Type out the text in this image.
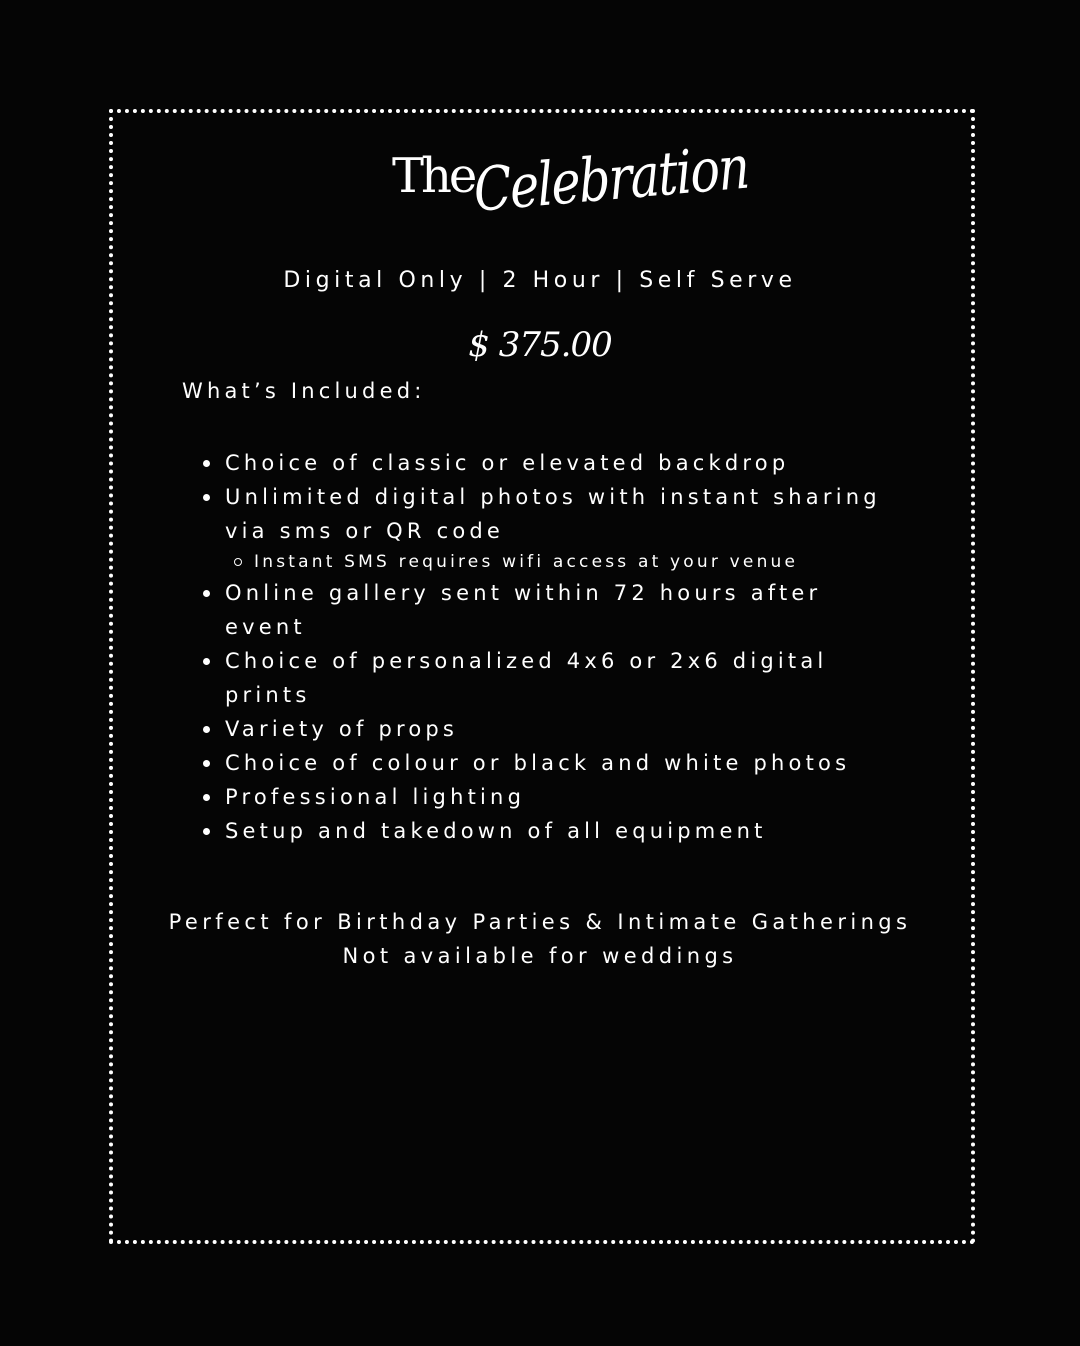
The
Celebration
Digital Only | 2 Hour | Self Serve
$ 375.00
What’s Included:
Choice of classic or elevated backdrop
Unlimited digital photos with instant sharing via sms or QR code
Instant SMS requires wifi access at your venue
Online gallery sent within 72 hours after event
Choice of personalized 4x6 or 2x6 digital prints
Variety of props
Choice of colour or black and white photos
Professional lighting
Setup and takedown of all equipment
Perfect for Birthday Parties & Intimate Gatherings
Not available for weddings
